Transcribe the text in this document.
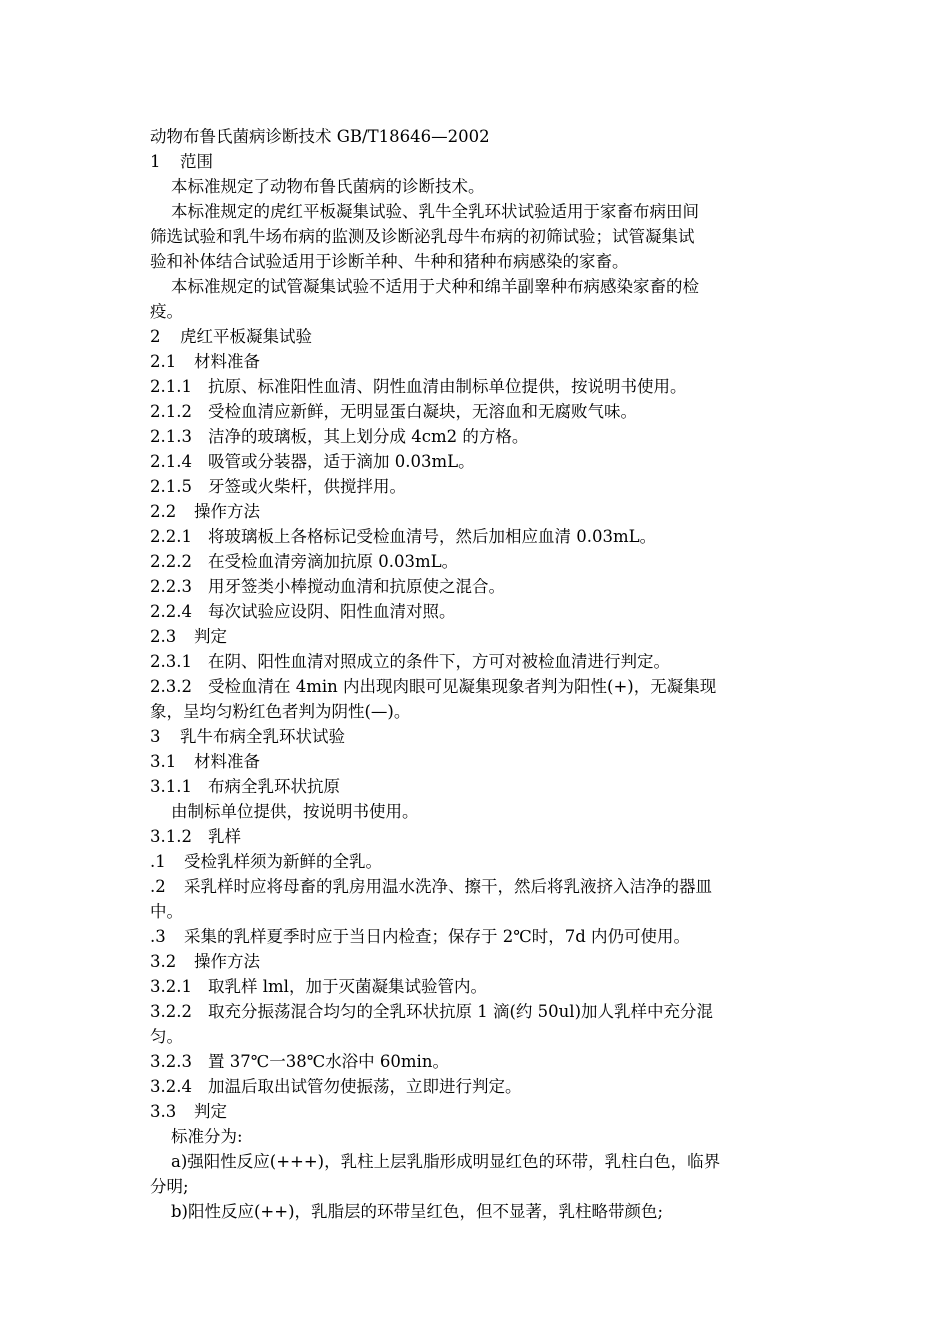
动物布鲁氏菌病诊断技术 GB/T18646—2002
1 范围
本标准规定了动物布鲁氏菌病的诊断技术。
本标准规定的虎红平板凝集试验、乳牛全乳环状试验适用于家畜布病田间
筛选试验和乳牛场布病的监测及诊断泌乳母牛布病的初筛试验；试管凝集试
验和补体结合试验适用于诊断羊种、牛种和猪种布病感染的家畜。
本标准规定的试管凝集试验不适用于犬种和绵羊副睾种布病感染家畜的检
疫。
2 虎红平板凝集试验
2.1 材料准备
2.1.1 抗原、标准阳性血清、阴性血清由制标单位提供，按说明书使用。
2.1.2 受检血清应新鲜，无明显蛋白凝块，无溶血和无腐败气味。
2.1.3 洁净的玻璃板，其上划分成 4cm2 的方格。
2.1.4 吸管或分装器，适于滴加 0.03mL。
2.1.5 牙签或火柴杆，供搅拌用。
2.2 操作方法
2.2.1 将玻璃板上各格标记受检血清号，然后加相应血清 0.03mL。
2.2.2 在受检血清旁滴加抗原 0.03mL。
2.2.3 用牙签类小棒搅动血清和抗原使之混合。
2.2.4 每次试验应设阴、阳性血清对照。
2.3 判定
2.3.1 在阴、阳性血清对照成立的条件下，方可对被检血清进行判定。
2.3.2 受检血清在 4min 内出现肉眼可见凝集现象者判为阳性(+)，无凝集现
象，呈均匀粉红色者判为阴性(—)。
3 乳牛布病全乳环状试验
3.1 材料准备
3.1.1 布病全乳环状抗原
由制标单位提供，按说明书使用。
3.1.2 乳样
.1 受检乳样须为新鲜的全乳。
.2 采乳样时应将母畜的乳房用温水洗净、擦干，然后将乳液挤入洁净的器皿
中。
.3 采集的乳样夏季时应于当日内检查；保存于 2℃时，7d 内仍可使用。
3.2 操作方法
3.2.1 取乳样 lml，加于灭菌凝集试验管内。
3.2.2 取充分振荡混合均匀的全乳环状抗原 1 滴(约 50ul)加人乳样中充分混
匀。
3.2.3 置 37℃一38℃水浴中 60min。
3.2.4 加温后取出试管勿使振荡，立即进行判定。
3.3 判定
标准分为:
a)强阳性反应(+++)，乳柱上层乳脂形成明显红色的环带，乳柱白色，临界
分明;
b)阳性反应(++)，乳脂层的环带呈红色，但不显著，乳柱略带颜色;
